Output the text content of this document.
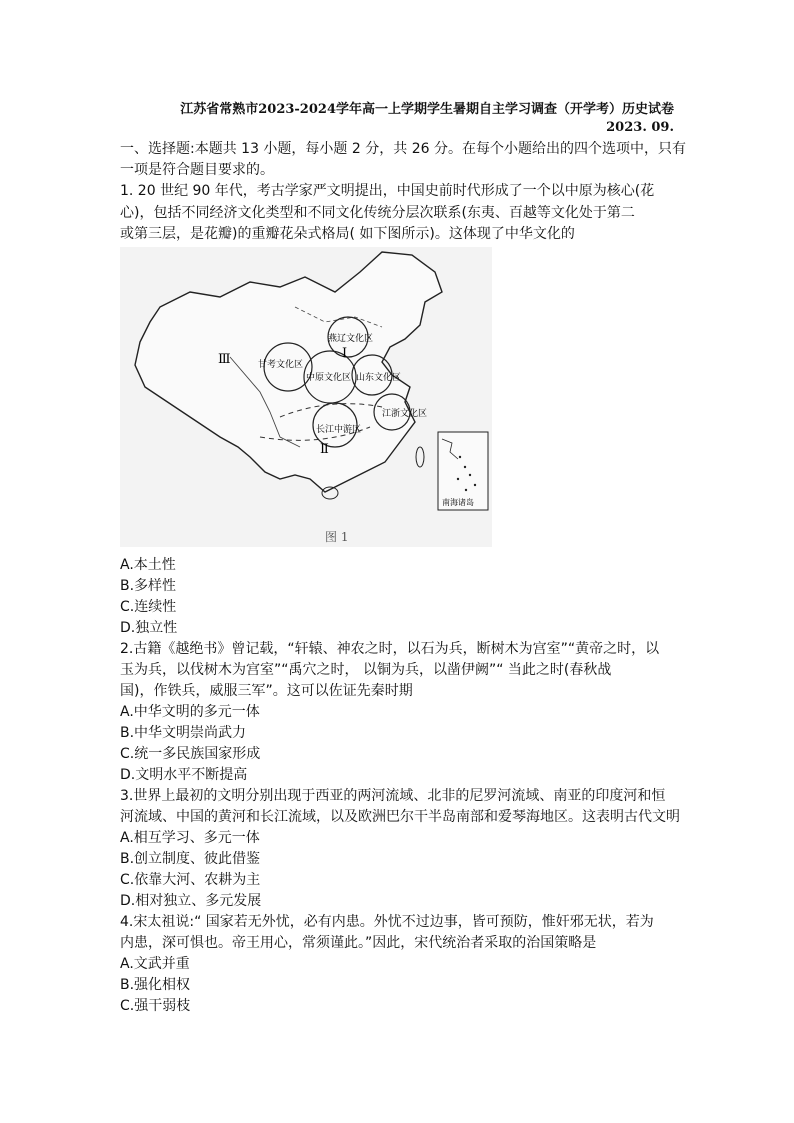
江苏省常熟市2023-2024学年高一上学期学生暑期自主学习调查（开学考）历史试卷
2023. 09.
一、选择题:本题共 13 小题，每小题 2 分，共 26 分。在每个小题给出的四个选项中，只有
一项是符合题目要求的。
1. 20 世纪 90 年代，考古学家严文明提出，中国史前时代形成了一个以中原为核心(花
心)，包括不同经济文化类型和不同文化传统分层次联系(东夷、百越等文化处于第二
或第三层，是花瓣)的重瓣花朵式格局( 如下图所示)。这体现了中华文化的
燕辽文化区
甘考文化区
中原文化区 山东文化区
江浙文化区
长江中游区
Ⅰ
Ⅱ
Ⅲ
南海诸岛
图 1
A.本土性
B.多样性
C.连续性
D.独立性
2.古籍《越绝书》曾记载，“轩辕、神农之时，以石为兵，断树木为宫室”“黄帝之时，以
玉为兵，以伐树木为宫室”“禹穴之时， 以铜为兵，以凿伊阙”“ 当此之时(春秋战
国)，作铁兵，威服三军”。这可以佐证先秦时期
A.中华文明的多元一体
B.中华文明崇尚武力
C.统一多民族国家形成
D.文明水平不断提高
3.世界上最初的文明分别出现于西亚的两河流域、北非的尼罗河流域、南亚的印度河和恒
河流域、中国的黄河和长江流域，以及欧洲巴尔干半岛南部和爱琴海地区。这表明古代文明
A.相互学习、多元一体
B.创立制度、彼此借鉴
C.依靠大河、农耕为主
D.相对独立、多元发展
4.宋太祖说:“ 国家若无外忧，必有内患。外忧不过边事，皆可预防，惟奸邪无状，若为
内患，深可惧也。帝王用心，常须谨此。”因此，宋代统治者采取的治国策略是
A.文武并重
B.强化相权
C.强干弱枝
